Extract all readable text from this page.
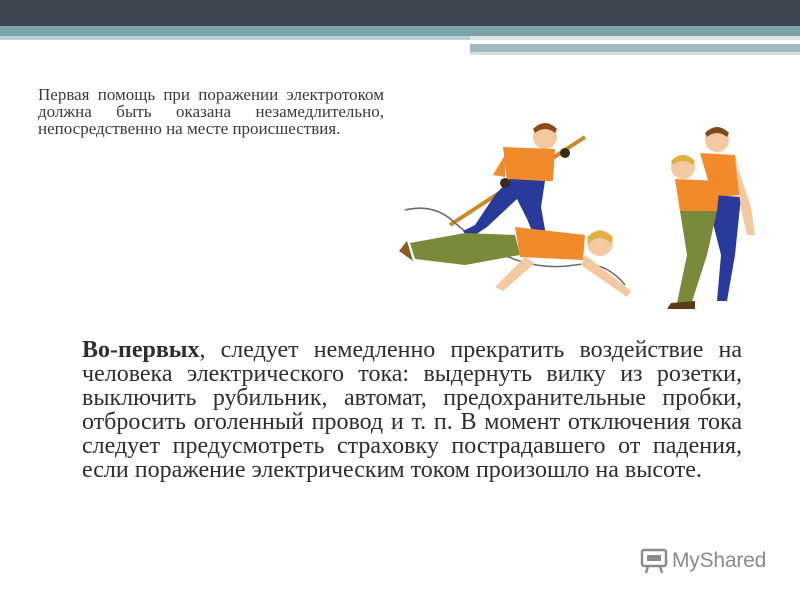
Первая помощь при поражении электротоком должна быть оказана незамедлительно, непосредственно на месте происшествия.

Во-первых, следует немедленно прекратить воздействие на человека электрического тока: выдернуть вилку из розетки, выключить рубильник, автомат, предохранительные пробки, отбросить оголенный провод и т. п. В момент отключения тока следует предусмотреть страховку пострадавшего от падения, если поражение электрическим током произошло на высоте.

MyShared
